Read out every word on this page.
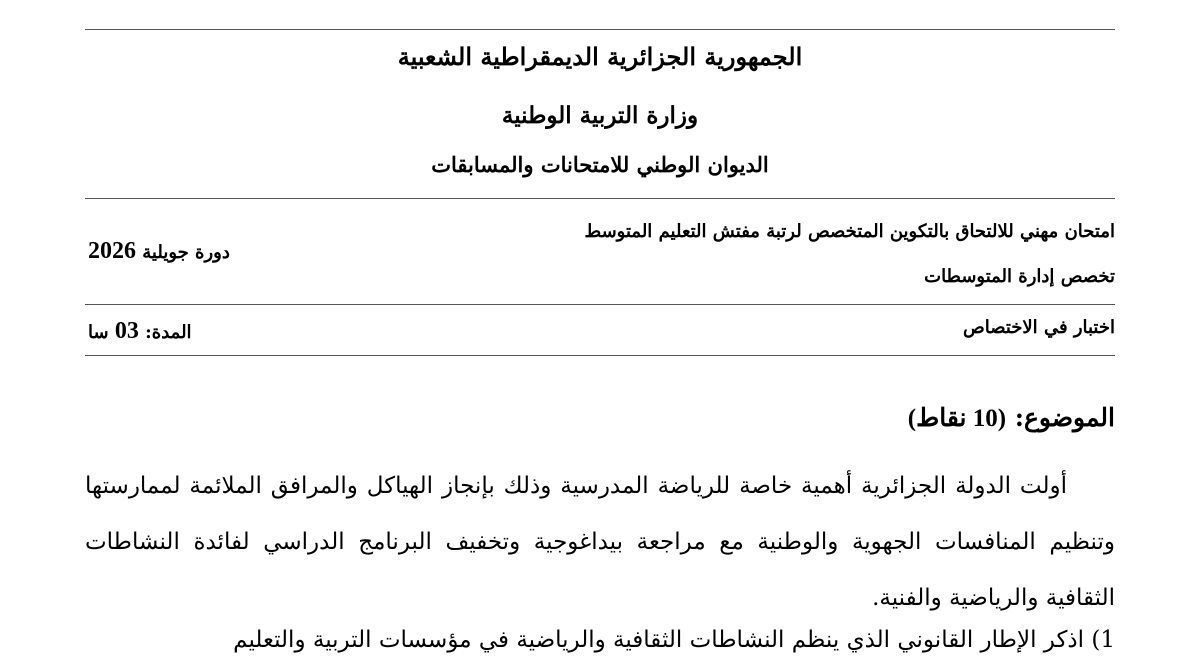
الجمهورية الجزائرية الديمقراطية الشعبية
وزارة التربية الوطنية
الديوان الوطني للامتحانات والمسابقات
امتحان مهني للالتحاق بالتكوين المتخصص لرتبة مفتش التعليم المتوسط
تخصص إدارة المتوسطات
دورة جويلية 2026
اختبار في الاختصاص
المدة: 03 سا
الموضوع: (10 نقاط)

أولت الدولة الجزائرية أهمية خاصة للرياضة المدرسية وذلك بإنجاز الهياكل والمرافق الملائمة لممارستها وتنظيم المنافسات الجهوية والوطنية مع مراجعة بيداغوجية وتخفيف البرنامج الدراسي لفائدة النشاطات الثقافية والرياضية والفنية.

1) اذكر الإطار القانوني الذي ينظم النشاطات الثقافية والرياضية في مؤسسات التربية والتعليم
